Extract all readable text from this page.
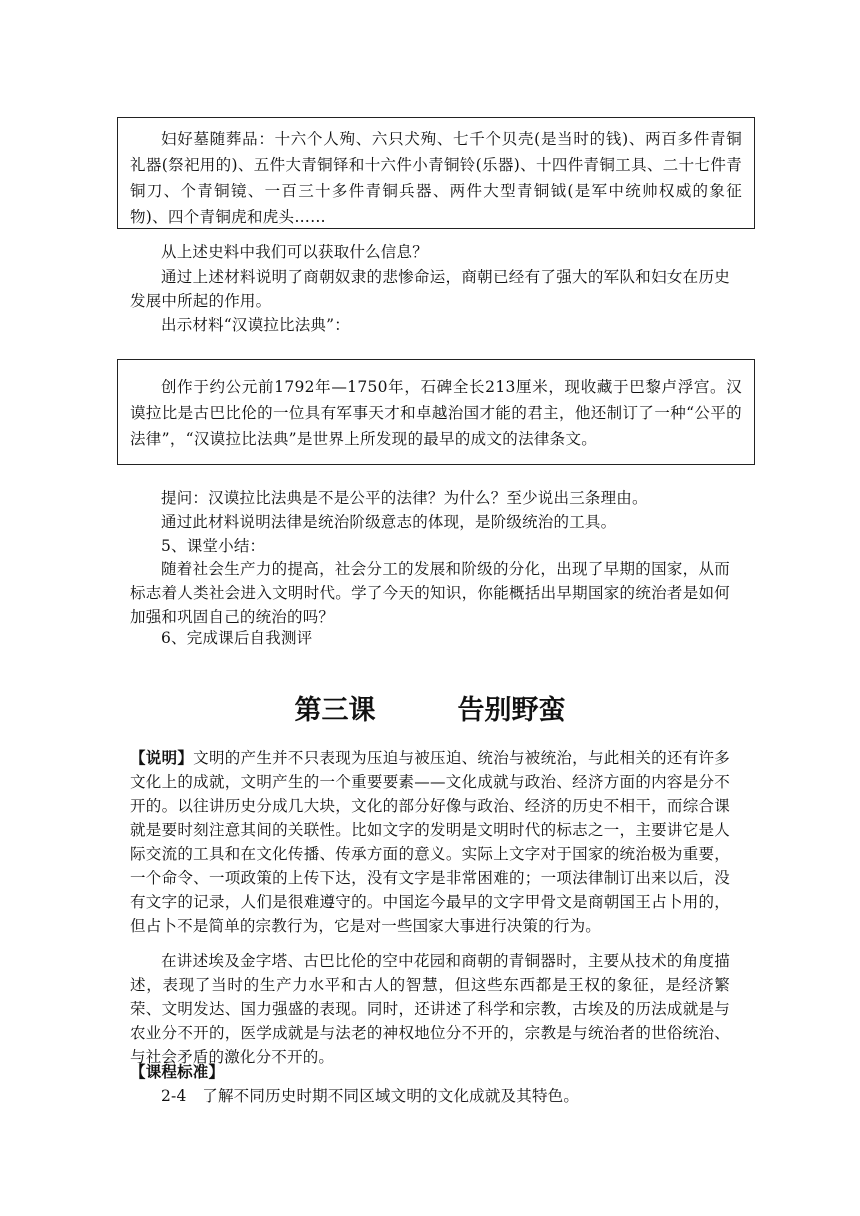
妇好墓随葬品：十六个人殉、六只犬殉、七千个贝壳(是当时的钱)、两百多件青铜礼器(祭祀用的)、五件大青铜铎和十六件小青铜铃(乐器)、十四件青铜工具、二十七件青铜刀、个青铜镜、一百三十多件青铜兵器、两件大型青铜钺(是军中统帅权威的象征物)、四个青铜虎和虎头……

从上述史料中我们可以获取什么信息？

通过上述材料说明了商朝奴隶的悲惨命运，商朝已经有了强大的军队和妇女在历史发展中所起的作用。

出示材料“汉谟拉比法典”：

创作于约公元前1792年—1750年，石碑全长213厘米，现收藏于巴黎卢浮宫。汉谟拉比是古巴比伦的一位具有军事天才和卓越治国才能的君主，他还制订了一种“公平的法律”，“汉谟拉比法典”是世界上所发现的最早的成文的法律条文。

提问：汉谟拉比法典是不是公平的法律？为什么？至少说出三条理由。

通过此材料说明法律是统治阶级意志的体现，是阶级统治的工具。

5、课堂小结：

随着社会生产力的提高，社会分工的发展和阶级的分化，出现了早期的国家，从而标志着人类社会进入文明时代。学了今天的知识，你能概括出早期国家的统治者是如何加强和巩固自己的统治的吗？

6、完成课后自我测评

第三课	告别野蛮

【说明】文明的产生并不只表现为压迫与被压迫、统治与被统治，与此相关的还有许多文化上的成就，文明产生的一个重要要素——文化成就与政治、经济方面的内容是分不开的。以往讲历史分成几大块，文化的部分好像与政治、经济的历史不相干，而综合课就是要时刻注意其间的关联性。比如文字的发明是文明时代的标志之一，主要讲它是人际交流的工具和在文化传播、传承方面的意义。实际上文字对于国家的统治极为重要，一个命令、一项政策的上传下达，没有文字是非常困难的；一项法律制订出来以后，没有文字的记录，人们是很难遵守的。中国迄今最早的文字甲骨文是商朝国王占卜用的，但占卜不是简单的宗教行为，它是对一些国家大事进行决策的行为。

在讲述埃及金字塔、古巴比伦的空中花园和商朝的青铜器时，主要从技术的角度描述，表现了当时的生产力水平和古人的智慧，但这些东西都是王权的象征，是经济繁荣、文明发达、国力强盛的表现。同时，还讲述了科学和宗教，古埃及的历法成就是与农业分不开的，医学成就是与法老的神权地位分不开的，宗教是与统治者的世俗统治、与社会矛盾的激化分不开的。

【课程标准】

2-4　了解不同历史时期不同区域文明的文化成就及其特色。
